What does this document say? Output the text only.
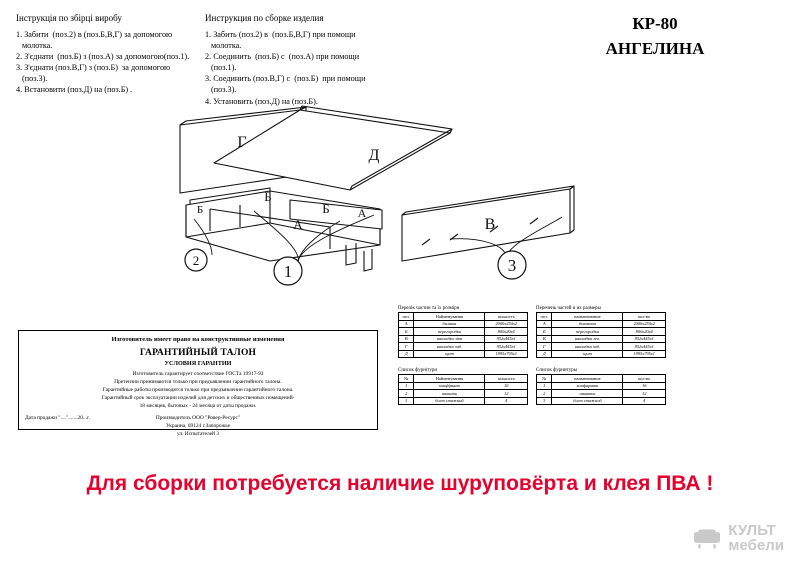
Інструкція по збірці виробу
1. Забити  (поз.2) в (поз.Б,В,Г) за допомогою молотка.
2. З'єднати  (поз.Б) з (поз.А) за допомогою(поз.1).
3. З'єднати (поз.В,Г) з (поз.Б)  за допомогою (поз.3).
4. Встановити (поз.Д) на (поз.Б) .
Инструкция по сборке изделия
1. Забить (поз.2) в  (поз.Б,В,Г) при помощи молотка.
2. Соединить  (поз.Б) с  (поз.А) при помощи (поз.1).
3. Соединить (поз.В,Г) с  (поз.Б)  при помощи (поз.3).
4. Установить (поз.Д) на (поз.Б).
КР-80
АНГЕЛИНА
2
1	3
Г
Д
Б
Б
А
Б	А
В
Изготовитель имеет право на конструктивные изменения
ГАРАНТИЙНЫЙ ТАЛОН
УСЛОВИЯ ГАРАНТИИ

Изготовитель гарантирует соответствие ГОСТа 19917-93

Претензии принимаются только при предъявлении гарантийного талона.

Гарантийные работы производятся только при предъявлении гарантийного талона.

Гарантийный срок эксплуатации изделий для детских и общественных помещений-

18 месяцев, бытовых - 24 месяца от даты продажи.

Производитель ООО "Ровер-Ресурс"

Украина, 69124 г.Запорожье

ул. Испытателей 3

Дата продажи "....".......20...г.
Перелік частин та їх розміри
поз.	Найменування	кількість
А	билінка	2000х250х2
Б	перегородки	800х20х4
В	накладка ліва	952х445х1
Г	накладка зад.	952х445х1
Д	щит	1995х795х1
Перечень частей и их размеры
поз.	наименование	кол-во
А	боковина	2000х250х2
Б	перегородки	800х20х4
В	накладка лев.	952х445х1
Г	накладка зад.	952х445х1
Д	щит	1995х795х1
Список фурнітури
№	Найменування	кількість
1	конфірмат	16
2	шканти	12
3	болт стяжний	4
Список фурнитуры
№	наименование	кол-во
1	конфирмат	16
2	шканты	12
3	болт стяжной	4
Для сборки потребуется наличие шуруповёрта и клея ПВА !
КУЛЬТ
мебели
